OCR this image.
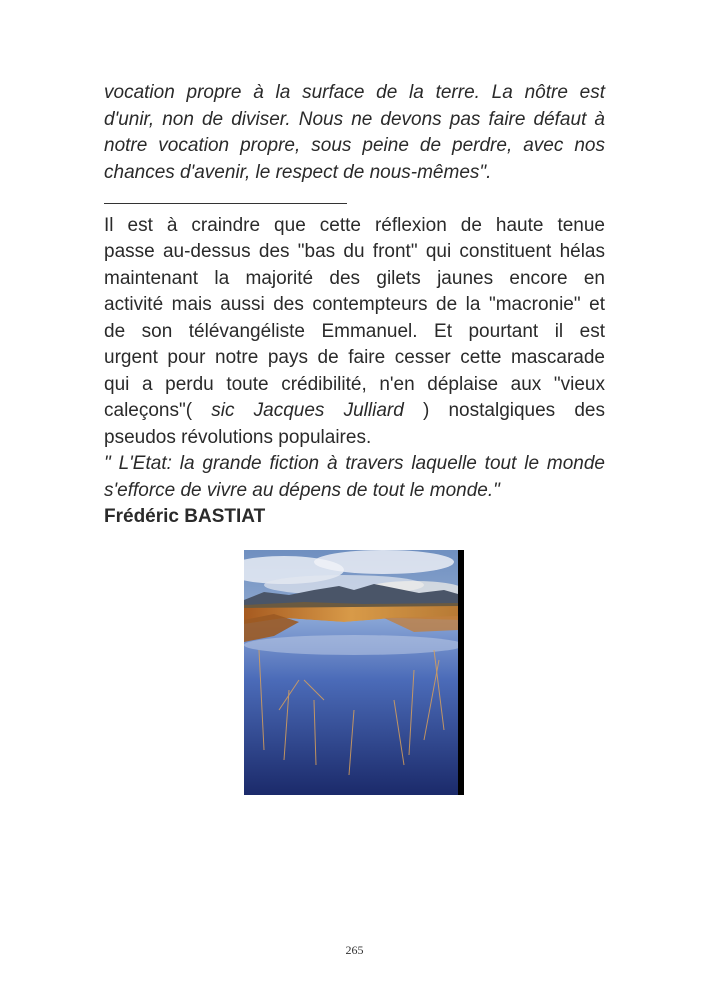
vocation propre à la surface de la terre. La nôtre est
d'unir, non de diviser. Nous ne devons pas faire défaut à
notre vocation propre, sous peine de perdre, avec nos
chances d'avenir, le respect de nous-mêmes".

Il est à craindre que cette réflexion de haute tenue
passe au-dessus des "bas du front" qui constituent hélas
maintenant la majorité des gilets jaunes encore en
activité mais aussi des contempteurs de la "macronie" et
de son télévangéliste Emmanuel. Et pourtant il est
urgent pour notre pays de faire cesser cette mascarade
qui a perdu toute crédibilité, n'en déplaise aux "vieux
caleçons"( sic Jacques Julliard ) nostalgiques des
pseudos révolutions populaires.

" L'Etat: la grande fiction à travers laquelle tout le monde
s'efforce de vivre au dépens de tout le monde."

Frédéric BASTIAT

265
